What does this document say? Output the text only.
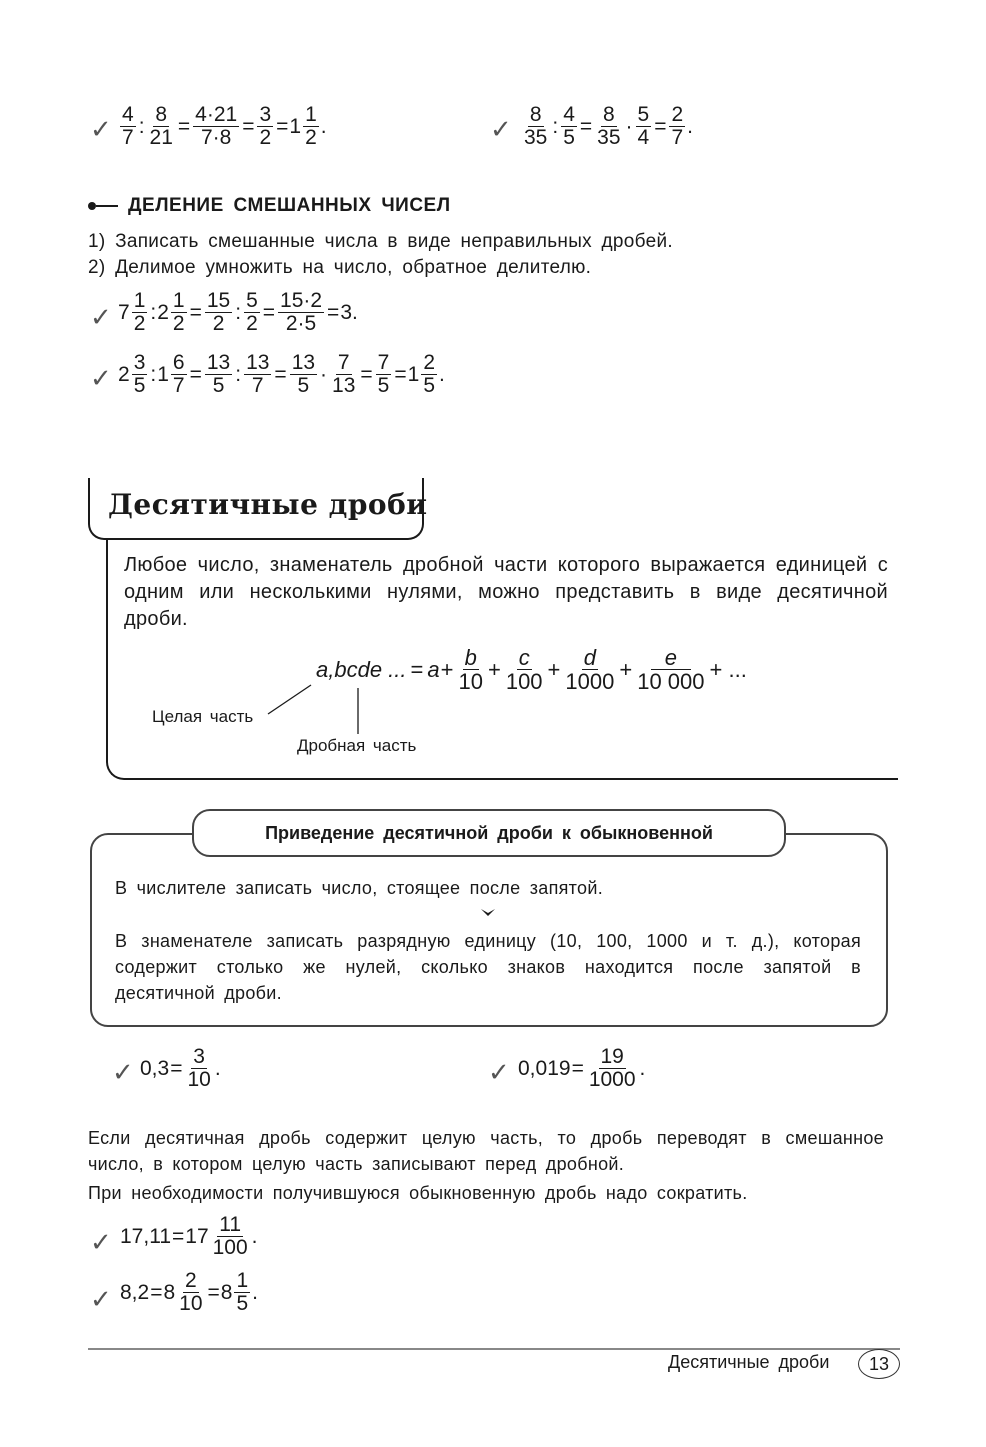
✓ $\frac{4}{7}$ : $\frac{8}{21} = \frac{4\cdot 21}{7\cdot 8} = \frac{3}{2} = 1 \frac{1}{2}$ .	✓ $\frac{8}{35}$ : $\frac{4}{5} = \frac{8}{35} \cdot \frac{5}{4} = \frac{2}{7}$ .
ДЕЛЕНИЕ СМЕШАННЫХ ЧИСЕЛ
1) Записать смешанные числа в виде неправильных дробей.
2) Делимое умножить на число, обратное делителю.
✓ $7 \frac{1}{2}$ : $2 \frac{1}{2} = \frac{15}{2}$ : $\frac{5}{2} = \frac{15\cdot 2}{2\cdot 5} = 3$.
✓ $2 \frac{3}{5}$ : $1 \frac{6}{7} = \frac{13}{5}$ : $\frac{13}{7} = \frac{13}{5} \cdot \frac{7}{13} = \frac{7}{5} = 1 \frac{2}{5}$ .
Десятичные дроби
Любое число, знаменатель дробной части которого выражается единицей с одним или несколькими нулями, можно представить в виде десятичной дроби.
a,bcde ... = $a + \frac{b}{10} + \frac{c}{100} + \frac{d}{1000} + \frac{e}{10 000}$ + ...
Целая часть
Дробная часть
Приведение десятичной дроби к обыкновенной
В числителе записать число, стоящее после запятой.
В знаменателе записать разрядную единицу (10, 100, 1000 и т. д.), которая содержит столько же нулей, сколько знаков находится после запятой в десятичной дроби.
✓ $0,3 = \frac{3}{10}$ .	✓ $0,019 = \frac{19}{1000}$ .
Если десятичная дробь содержит целую часть, то дробь переводят в смешанное число, в котором целую часть записывают перед дробной.
При необходимости получившуюся обыкновенную дробь надо сократить.
✓ $17,11 = 17 \frac{11}{100}$ .
✓ $8,2 = 8 \frac{2}{10} = 8 \frac{1}{5}$ .
Десятичные дроби	13
